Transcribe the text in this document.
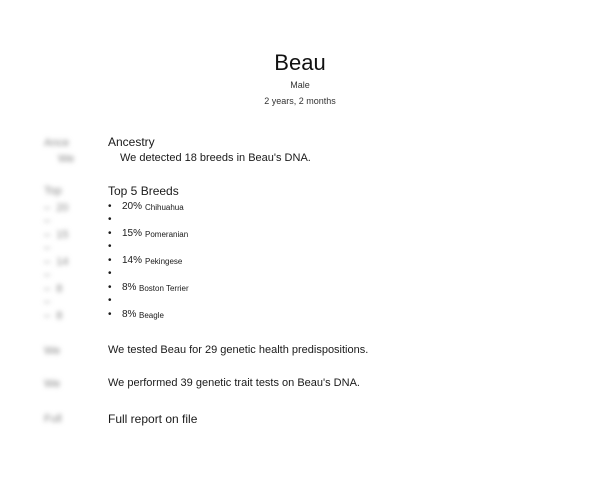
Ance
We
Top
–  20
–
–  15
–
–  14
–
–  8
–
–  8
We
We
Full
Beau
Male
2 years, 2 months
Ancestry
We detected 18 breeds in Beau's DNA.
Top 5 Breeds
• 20% Chihuahua
•
• 15% Pomeranian
•
• 14% Pekingese
•
• 8% Boston Terrier
•
• 8% Beagle
We tested Beau for 29 genetic health predispositions.
We performed 39 genetic trait tests on Beau's DNA.
Full report on file
